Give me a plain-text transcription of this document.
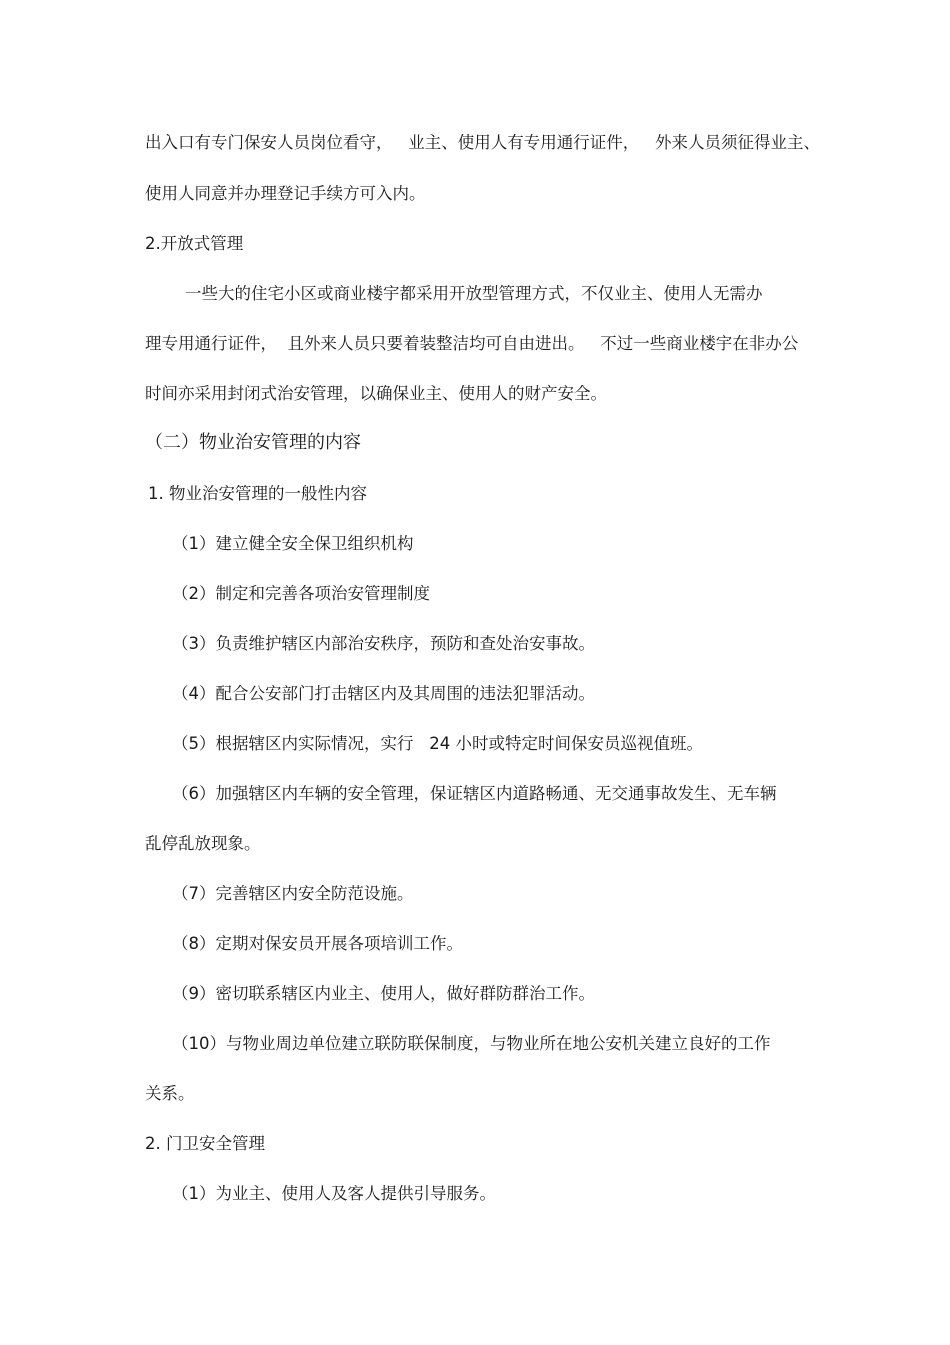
出入口有专门保安人员岗位看守，   业主、使用人有专用通行证件，   外来人员须征得业主、

使用人同意并办理登记手续方可入内。

2.开放式管理

一些大的住宅小区或商业楼宇都采用开放型管理方式，不仅业主、使用人无需办

理专用通行证件，  且外来人员只要着装整洁均可自由进出。   不过一些商业楼宇在非办公

时间亦采用封闭式治安管理，以确保业主、使用人的财产安全。

（二）物业治安管理的内容

1. 物业治安管理的一般性内容

（1）建立健全安全保卫组织机构

（2）制定和完善各项治安管理制度

（3）负责维护辖区内部治安秩序，预防和查处治安事故。

（4）配合公安部门打击辖区内及其周围的违法犯罪活动。

（5）根据辖区内实际情况，实行   24 小时或特定时间保安员巡视值班。

（6）加强辖区内车辆的安全管理，保证辖区内道路畅通、无交通事故发生、无车辆

乱停乱放现象。

（7）完善辖区内安全防范设施。

（8）定期对保安员开展各项培训工作。

（9）密切联系辖区内业主、使用人，做好群防群治工作。

（10）与物业周边单位建立联防联保制度，与物业所在地公安机关建立良好的工作

关系。

2. 门卫安全管理

（1）为业主、使用人及客人提供引导服务。
